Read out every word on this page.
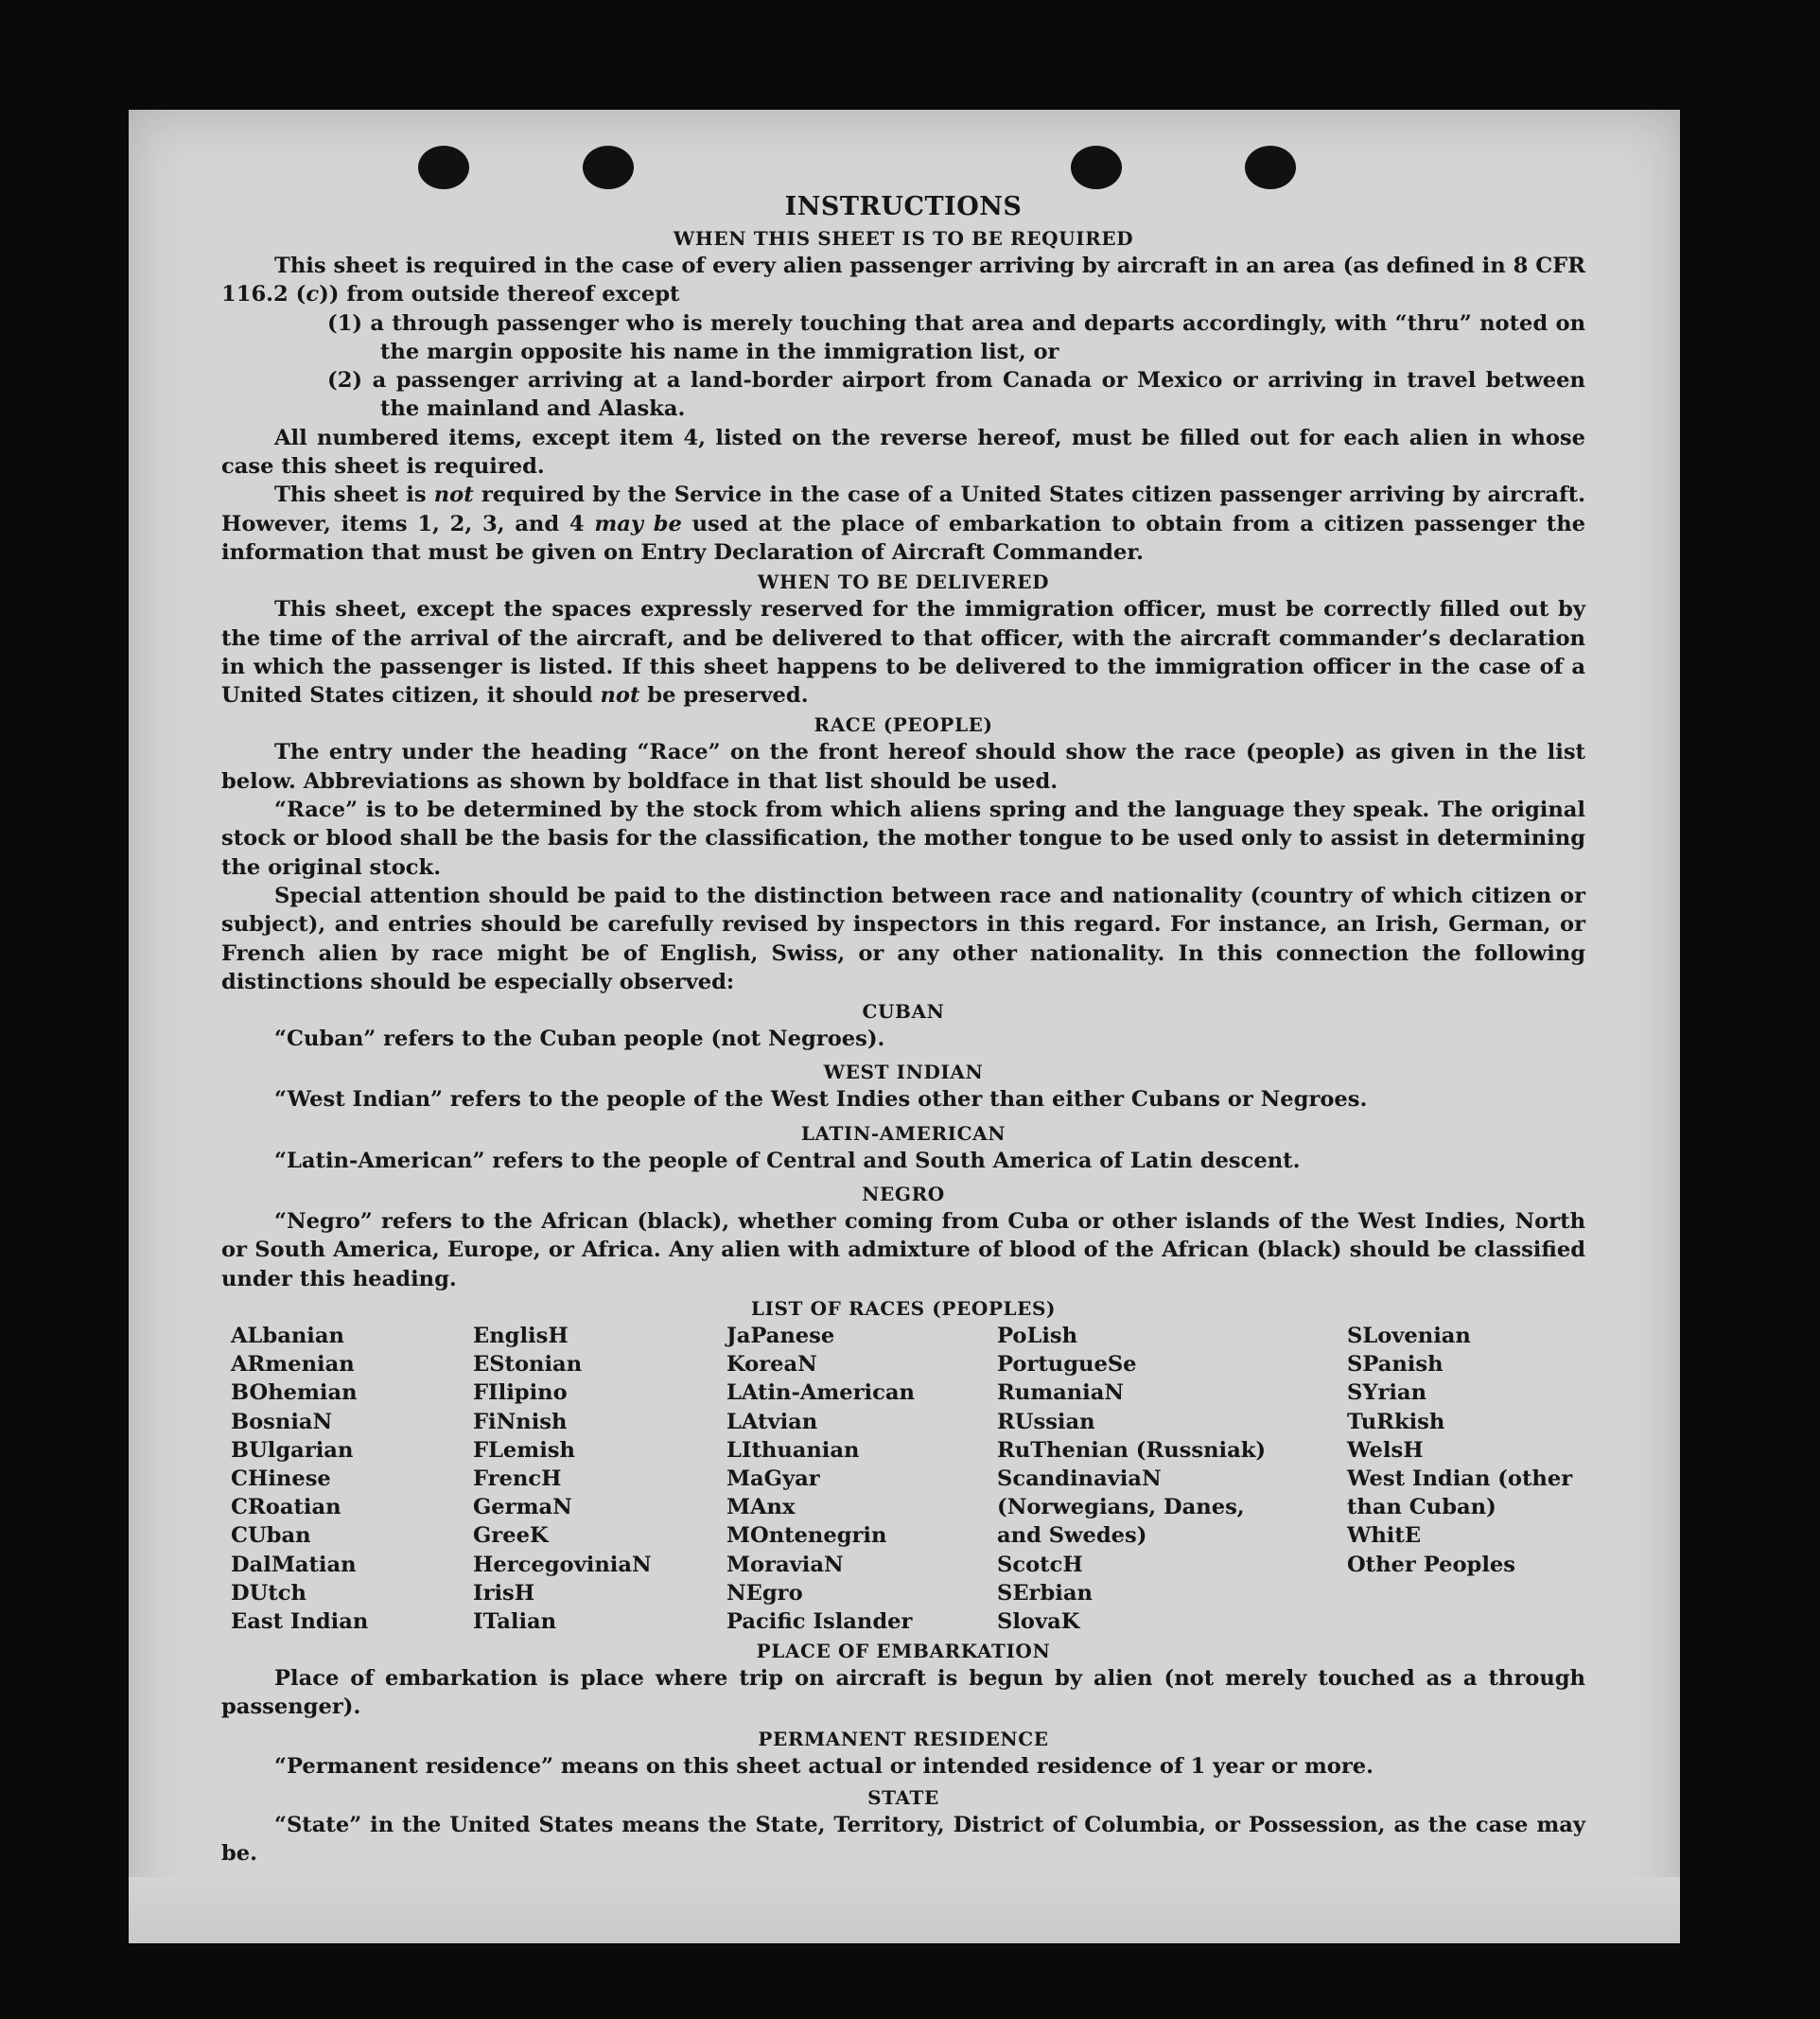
INSTRUCTIONS
WHEN THIS SHEET IS TO BE REQUIRED

This sheet is required in the case of every alien passenger arriving by aircraft in an area (as defined in 8 CFR 116.2 (c)) from outside thereof except

(1) a through passenger who is merely touching that area and departs accordingly, with “thru” noted on the margin opposite his name in the immigration list, or
(2) a passenger arriving at a land-border airport from Canada or Mexico or arriving in travel between the mainland and Alaska.

All numbered items, except item 4, listed on the reverse hereof, must be filled out for each alien in whose case this sheet is required.

This sheet is not required by the Service in the case of a United States citizen passenger arriving by aircraft. However, items 1, 2, 3, and 4 may be used at the place of embarkation to obtain from a citizen passenger the information that must be given on Entry Declaration of Aircraft Commander.

WHEN TO BE DELIVERED

This sheet, except the spaces expressly reserved for the immigration officer, must be correctly filled out by the time of the arrival of the aircraft, and be delivered to that officer, with the aircraft commander’s declaration in which the passenger is listed. If this sheet happens to be delivered to the immigration officer in the case of a United States citizen, it should not be preserved.

RACE (PEOPLE)

The entry under the heading “Race” on the front hereof should show the race (people) as given in the list below. Abbreviations as shown by boldface in that list should be used.

“Race” is to be determined by the stock from which aliens spring and the language they speak. The original stock or blood shall be the basis for the classification, the mother tongue to be used only to assist in determining the original stock.

Special attention should be paid to the distinction between race and nationality (country of which citizen or subject), and entries should be carefully revised by inspectors in this regard. For instance, an Irish, German, or French alien by race might be of English, Swiss, or any other nationality. In this connection the following distinctions should be especially observed:

CUBAN
“Cuban” refers to the Cuban people (not Negroes).
WEST INDIAN
“West Indian” refers to the people of the West Indies other than either Cubans or Negroes.
LATIN-AMERICAN
“Latin-American” refers to the people of Central and South America of Latin descent.
NEGRO

“Negro” refers to the African (black), whether coming from Cuba or other islands of the West Indies, North or South America, Europe, or Africa. Any alien with admixture of blood of the African (black) should be classified under this heading.

LIST OF RACES (PEOPLES)
ALbanian
ARmenian
BOhemian
BosniaN
BUlgarian
CHinese
CRoatian
CUban
DalMatian
DUtch
East Indian
EnglisH
EStonian
FIlipino
FiNnish
FLemish
FrencH
GermaN
GreeK
HercegoviniaN
IrisH
ITalian
JaPanese
KoreaN
LAtin-American
LAtvian
LIthuanian
MaGyar
MAnx
MOntenegrin
MoraviaN
NEgro
Pacific Islander
PoLish
PortugueSe
RumaniaN
RUssian
RuThenian (Russniak)
ScandinaviaN (Norwegians, Danes, and Swedes)
ScotcH
SErbian
SlovaK
SLovenian
SPanish
SYrian
TuRkish
WelsH
West Indian (other than Cuban)
WhitE
Other Peoples
PLACE OF EMBARKATION

Place of embarkation is place where trip on aircraft is begun by alien (not merely touched as a through passenger).

PERMANENT RESIDENCE
“Permanent residence” means on this sheet actual or intended residence of 1 year or more.
STATE

“State” in the United States means the State, Territory, District of Columbia, or Possession, as the case may be.
